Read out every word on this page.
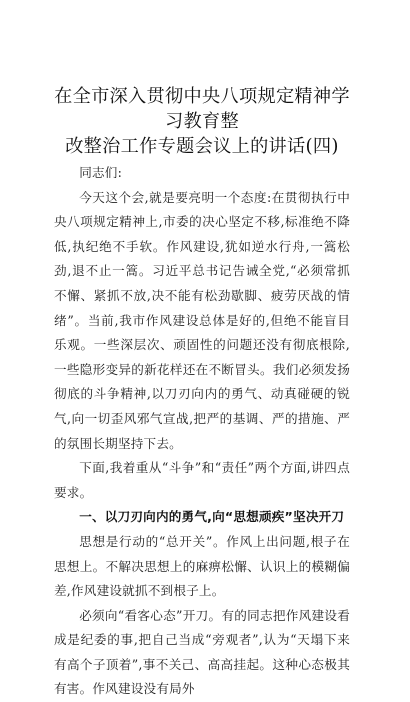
在全市深入贯彻中央八项规定精神学习教育整
改整治工作专题会议上的讲话(四)

同志们:

今天这个会,就是要亮明一个态度:在贯彻执行中央八项规定精神上,市委的决心坚定不移,标准绝不降低,执纪绝不手软。作风建设,犹如逆水行舟,一篙松劲,退不止一篙。习近平总书记告诫全党,“必须常抓不懈、紧抓不放,决不能有松劲歇脚、疲劳厌战的情绪”。当前,我市作风建设总体是好的,但绝不能盲目乐观。一些深层次、顽固性的问题还没有彻底根除,一些隐形变异的新花样还在不断冒头。我们必须发扬彻底的斗争精神,以刀刃向内的勇气、动真碰硬的锐气,向一切歪风邪气宣战,把严的基调、严的措施、严的氛围长期坚持下去。

下面,我着重从“斗争”和“责任”两个方面,讲四点要求。

一、以刀刃向内的勇气,向“思想顽疾”坚决开刀

思想是行动的“总开关”。作风上出问题,根子在思想上。不解决思想上的麻痹松懈、认识上的模糊偏差,作风建设就抓不到根子上。

必须向“看客心态”开刀。有的同志把作风建设看成是纪委的事,把自己当成“旁观者”,认为“天塌下来有高个子顶着”,事不关己、高高挂起。这种心态极其有害。作风建设没有局外
